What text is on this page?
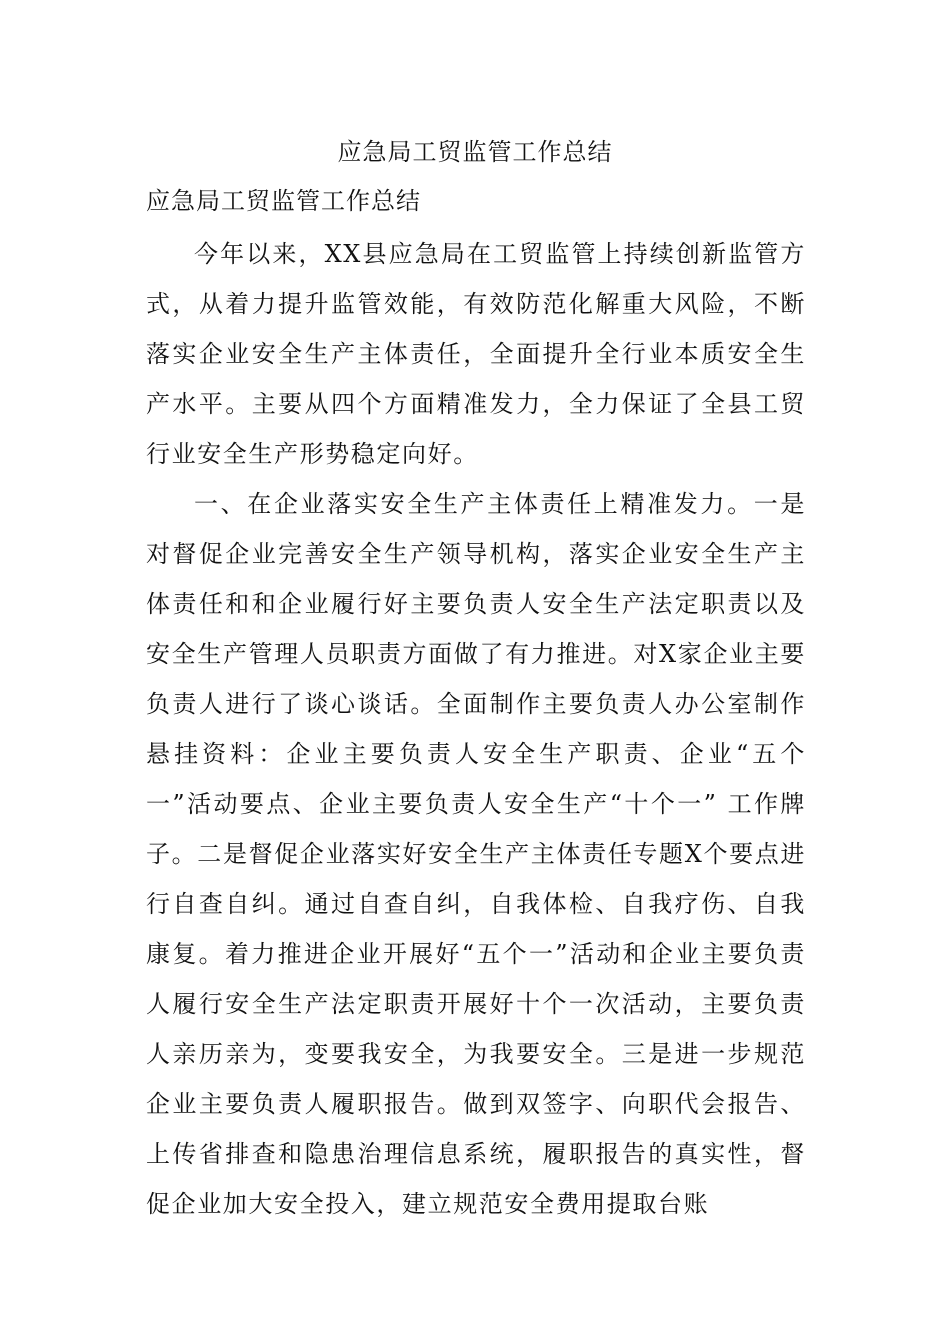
应急局工贸监管工作总结
应急局工贸监管工作总结

今年以来，XX县应急局在工贸监管上持续创新监管方式，从着力提升监管效能，有效防范化解重大风险，不断落实企业安全生产主体责任，全面提升全行业本质安全生产水平。主要从四个方面精准发力，全力保证了全县工贸行业安全生产形势稳定向好。

一、在企业落实安全生产主体责任上精准发力。一是对督促企业完善安全生产领导机构，落实企业安全生产主体责任和和企业履行好主要负责人安全生产法定职责以及安全生产管理人员职责方面做了有力推进。对X家企业主要负责人进行了谈心谈话。全面制作主要负责人办公室制作悬挂资料：企业主要负责人安全生产职责、企业“五个一”活动要点、企业主要负责人安全生产“十个一” 工作牌子。二是督促企业落实好安全生产主体责任专题X个要点进行自查自纠。通过自查自纠，自我体检、自我疗伤、自我康复。着力推进企业开展好“五个一”活动和企业主要负责人履行安全生产法定职责开展好十个一次活动，主要负责人亲历亲为，变要我安全，为我要安全。三是进一步规范企业主要负责人履职报告。做到双签字、向职代会报告、上传省排查和隐患治理信息系统，履职报告的真实性，督促企业加大安全投入，建立规范安全费用提取台账
